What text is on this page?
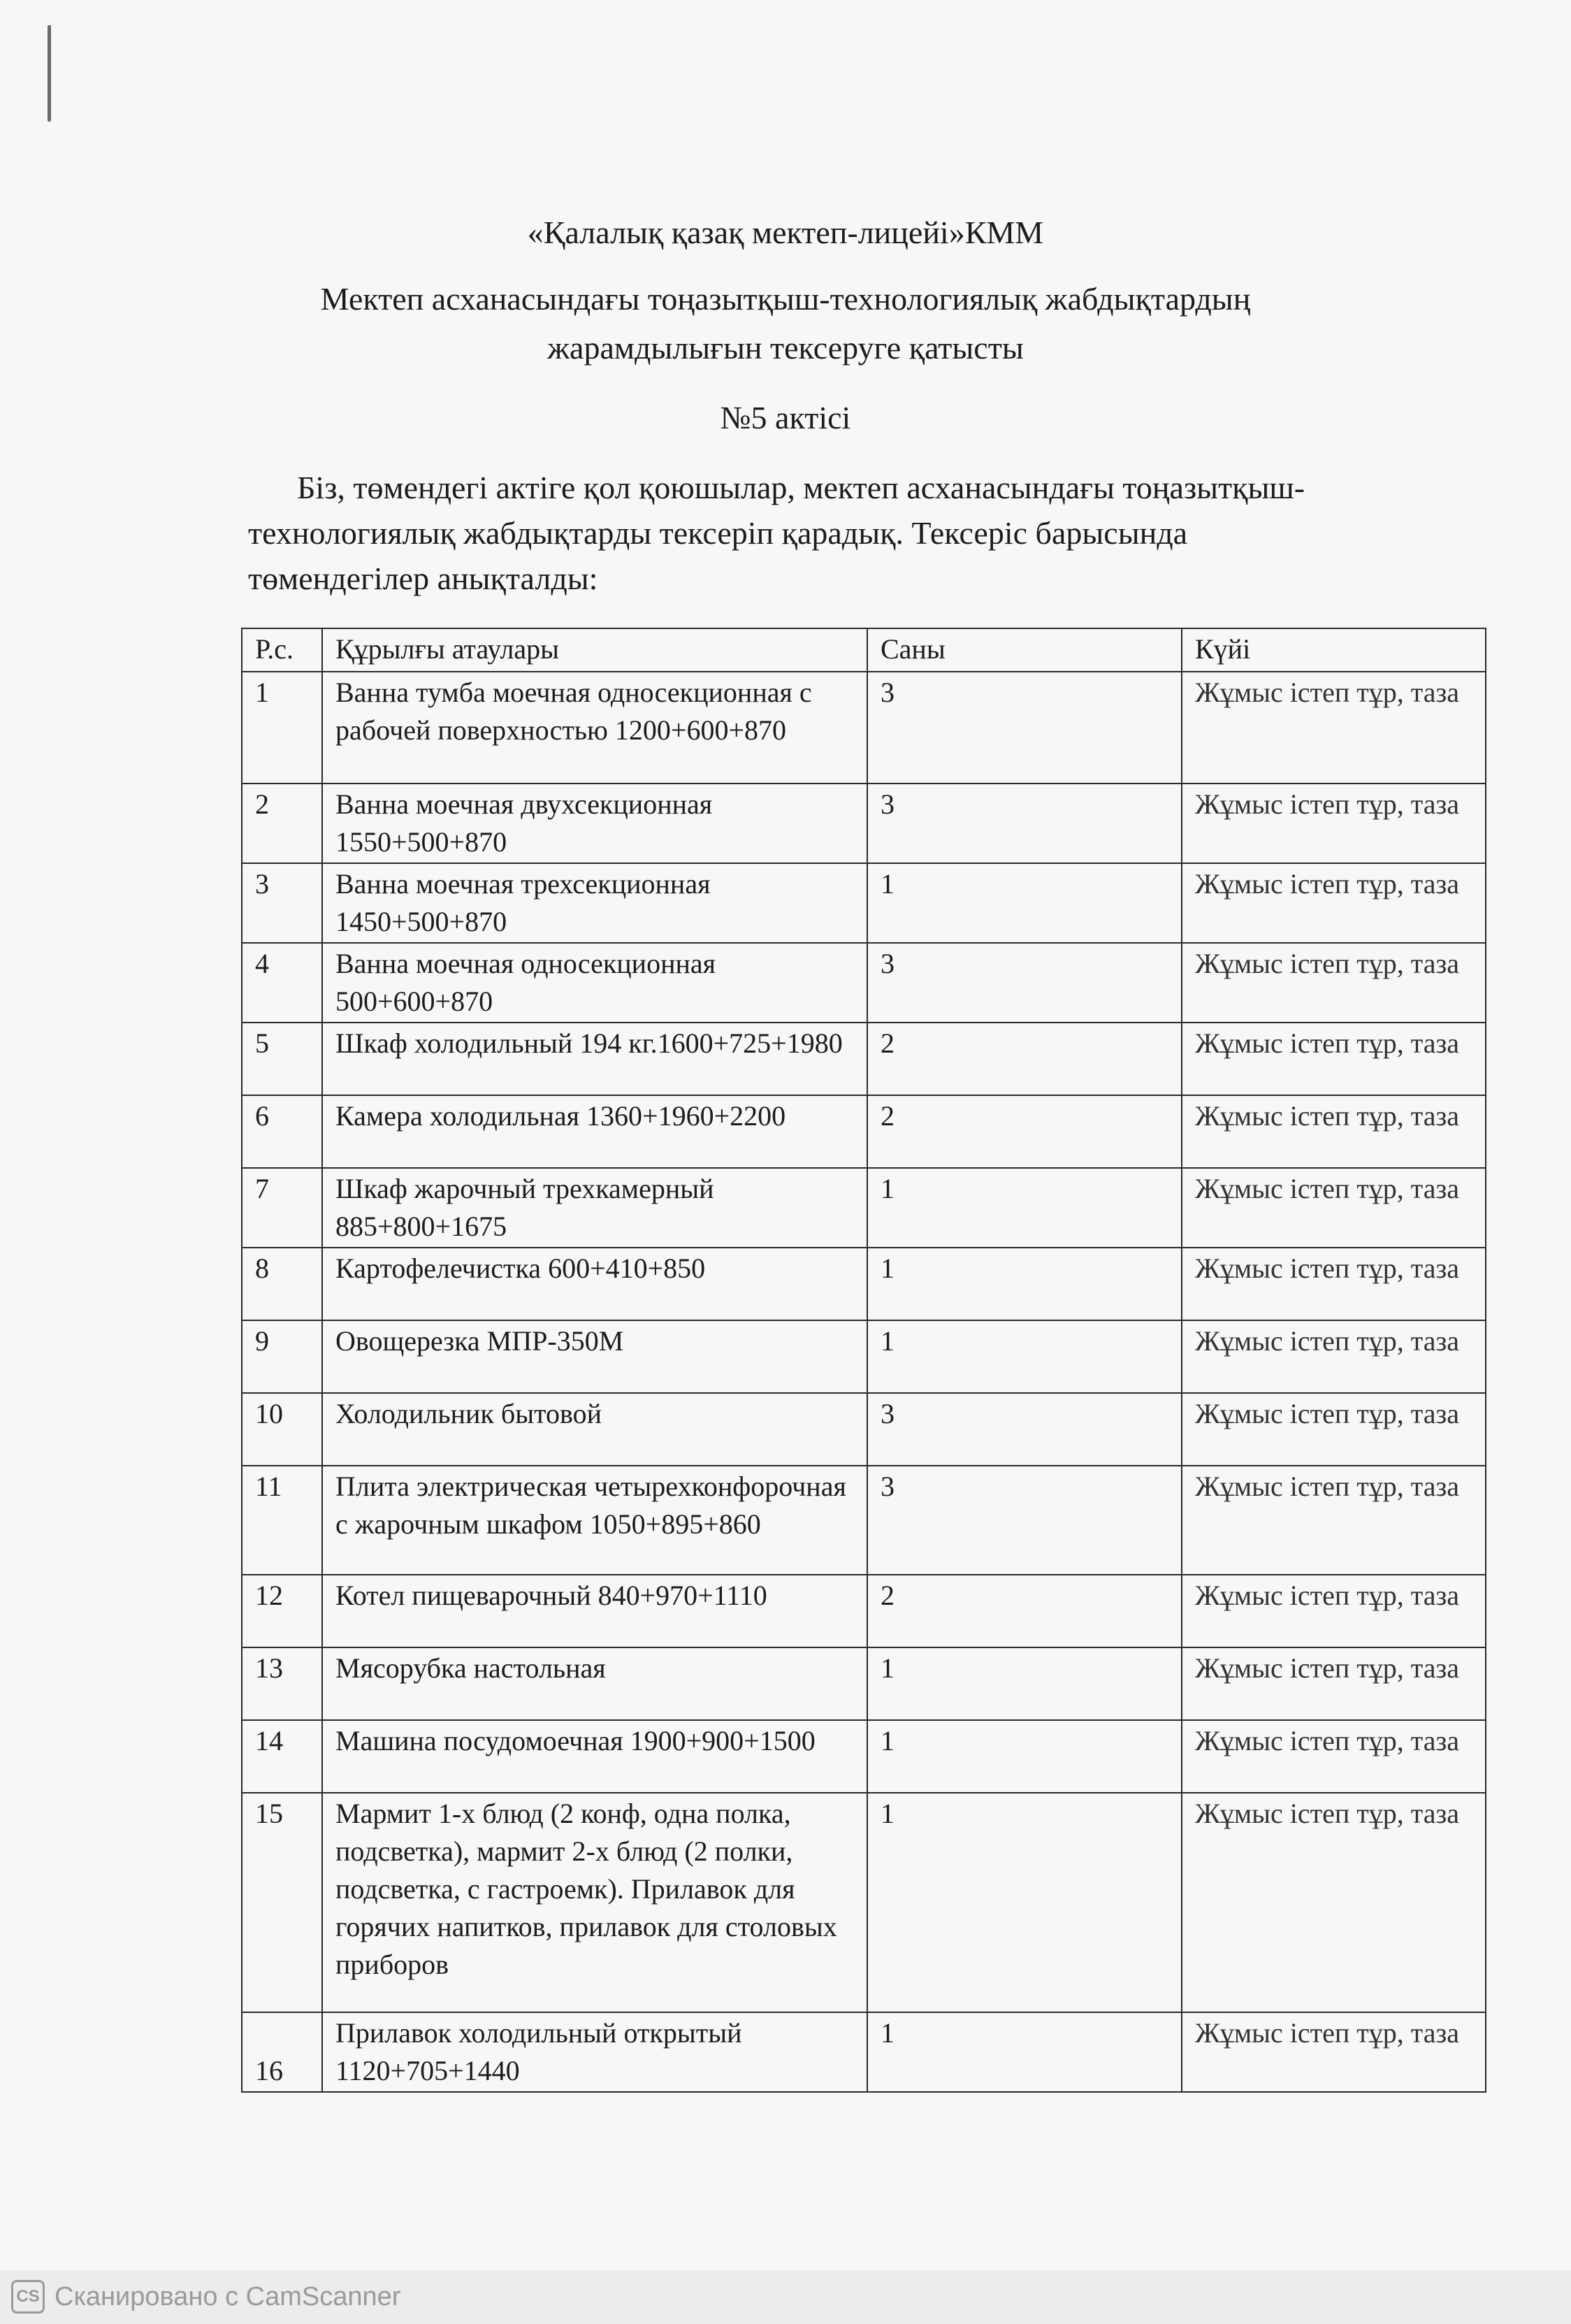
«Қалалық қазақ мектеп-лицейі»КММ
Мектеп асханасындағы тоңазытқыш-технологиялық жабдықтардың
жарамдылығын тексеруге қатысты
№5 актісі
Біз, төмендегі актіге қол қоюшылар, мектеп асханасындағы тоңазытқыш-
технологиялық жабдықтарды тексеріп қарадық. Тексеріс барысында
төмендегілер анықталды:
Р.с.	Құрылғы атаулары	Саны	Күйі
1	Ванна тумба моечная односекционная с рабочей поверхностью 1200+600+870	3	Жұмыс істеп тұр, таза
2	Ванна моечная двухсекционная 1550+500+870	3	Жұмыс істеп тұр, таза
3	Ванна моечная трехсекционная 1450+500+870	1	Жұмыс істеп тұр, таза
4	Ванна моечная односекционная 500+600+870	3	Жұмыс істеп тұр, таза
5	Шкаф холодильный 194 кг.1600+725+1980	2	Жұмыс істеп тұр, таза
6	Камера холодильная 1360+1960+2200	2	Жұмыс істеп тұр, таза
7	Шкаф жарочный трехкамерный 885+800+1675	1	Жұмыс істеп тұр, таза
8	Картофелечистка 600+410+850	1	Жұмыс істеп тұр, таза
9	Овощерезка МПР-350М	1	Жұмыс істеп тұр, таза
10	Холодильник бытовой	3	Жұмыс істеп тұр, таза
11	Плита электрическая четырехконфорочная с жарочным шкафом 1050+895+860	3	Жұмыс істеп тұр, таза
12	Котел пищеварочный 840+970+1110	2	Жұмыс істеп тұр, таза
13	Мясорубка настольная	1	Жұмыс істеп тұр, таза
14	Машина посудомоечная 1900+900+1500	1	Жұмыс істеп тұр, таза
15	Мармит 1-х блюд (2 конф, одна полка, подсветка), мармит 2-х блюд (2 полки, подсветка, с гастроемк). Прилавок для горячих напитков, прилавок для столовых приборов	1	Жұмыс істеп тұр, таза
16	Прилавок холодильный открытый 1120+705+1440	1	Жұмыс істеп тұр, таза
CS Сканировано с CamScanner
